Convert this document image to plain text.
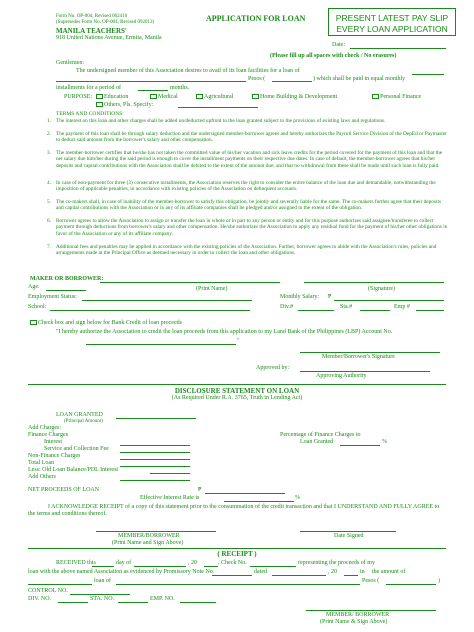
Form No. OP-004, Revised 002410
(Supersedes Form No. OP-004, Revised 092013)	APPLICATION FOR LOAN	PRESENT LATEST PAY SLIP
EVERY LOAN APPLICATION
MANILA TEACHERS'
918 United Nations Avenue, Ermita, Manila
Date:
(Please fill up all spaces with check / No erasures)
Gentlemen:
The undersigned member of this Association desires to avail of its loan facilities for a loan of
Pesos (	) which shall be paid in equal monthly
installments for a period of	months.
PURPOSE:	Education	Medical	Agricultural	Home Building & Development	Personal Finance
Others, Pls. Specify:
TERMS AND CONDITIONS:
1. The interest on this loan and other charges shall be added on/deducted upfront to the loan granted subject to the provisions of existing laws and regulations.
2. The payment of this loan shall be through salary deduction and the undersigned member-borrower agrees and hereby authorizes the Payroll Service Division of the DepEd or Paymaster to deduct said amount from the borrower's salary and other compensation.
3. The member-borrower certifies that he/she has not taken the committed value of his/her vacation and sick leave credits for the period covered for the payment of this loan and that the net salary due him/her during the said period is enough to cover the installment payments on their respective due dates. In case of default, the member-borrower agrees that his/her deposits and capital contributions with the Association shall be debited to the extent of the amount due, and that no withdrawal from these shall be made until such loan is fully paid.
4. In case of non-payment for three (3) consecutive installments, the Association reserves the right to consider the entire balance of the loan due and demandable, notwithstanding the imposition of applicable penalties, in accordance with existing policies of the Association on delinquent accounts.
5. The co-makers shall, in case of inability of the member-borrower to satisfy this obligation, be jointly and severally liable for the same. The co-makers further agree that their deposits and capital contributions with the Association or in any of its affiliate companies shall be pledged and/or assigned to the extent of the obligation.
6. Borrower agrees to allow the Association to assign or transfer the loan in whole or in part to any person or entity and for this purpose authorizes said assignee/transferee to collect payment through deductions from borrower's salary and other compensation. He/she authorizes the Association to apply any residual fund for the payment of his/her other obligations in favor of the Association or any of its affiliate company.
7. Additional fees and penalties may be applied in accordance with the existing policies of the Association. Further, borrower agrees to abide with the Association's rules, policies and arrangements made at the Principal Office as deemed necessary in order to collect the loan and other obligations.
MAKER OR BORROWER:
Age:	(Print Name)	(Signature)
Employment Status:	Monthly Salary: ₱
School:	Div.#	Sta.#	Emp #
Check box and sign below for Bank Credit of loan proceeds
"I hereby authorize the Association to credit the loan proceeds from this application to my Land Bank of the Philippines (LBP) Account No.
"
Member/Borrower's Signature
Approved by:
Approving Authority
DISCLOSURE STATEMENT ON LOAN
(As Required Under R.A. 3765, Truth in Lending Act)
LOAN GRANTED
(Principal Amount)
Add Charges:
Finance Charges
Interest
Service and Collection Fee
Non-Finance Charges
Total Loan
Less: Old Loan Balance/PDL Interest
Add Others
Percentage of Finance Charges to
Loan Granted	%
NET PROCEEDS OF LOAN	₱
Effective Interest Rate is	%
I ACKNOWLEDGE RECEIPT of a copy of this statement prior to the consummation of the credit transaction and that I UNDERSTAND AND FULLY AGREE to the terms and conditions thereof.
MEMBER/BORROWER
(Print Name and Sign Above)
Date Signed
( RECEIPT )
RECEIVED this	day of	, 20	. Check No.	representing the proceeds of my
loan with the above named Association as evidenced by Promissory Note No.	dated	, 20	in the amount of
loan of	Pesos (	)
CONTROL NO.
DIV. NO.	STA. NO.	EMP. NO.
MEMBER/ BORROWER
(Print Name & Sign Above)
